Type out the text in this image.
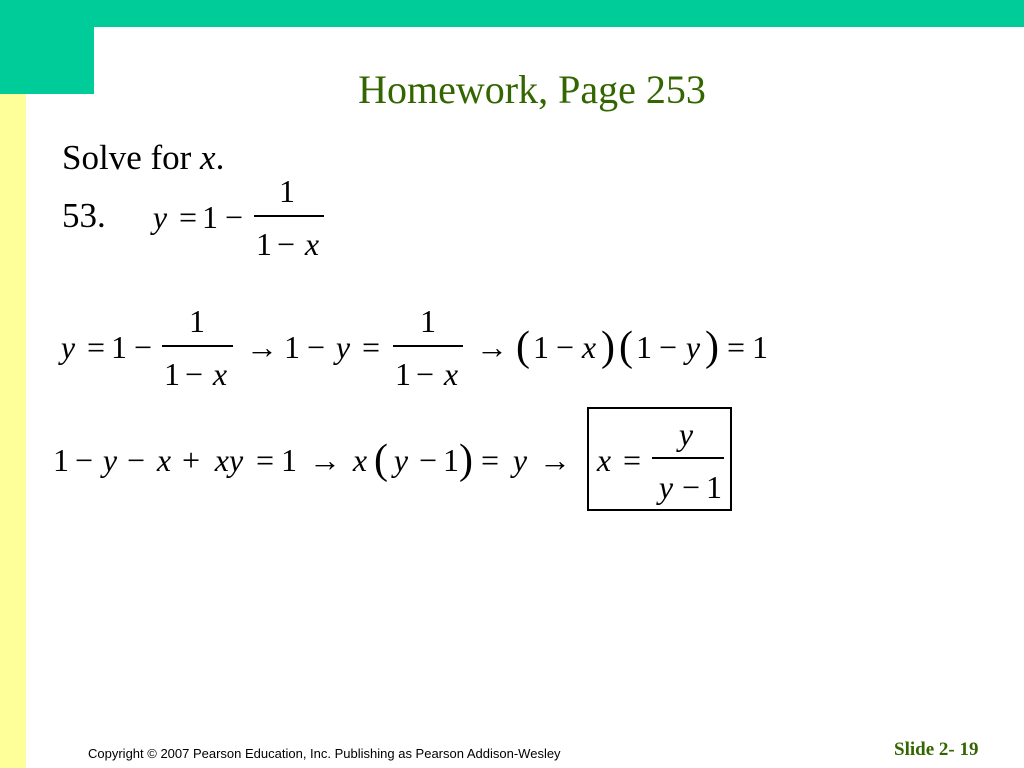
Homework, Page 253
Solve for x.
53. y = 1 −
1
1 − x
y = 1 −
1
1 − x
→ 1 − y =
1
1 − x
→ ( 1 − x ) ( 1 − y ) = 1
1 − y − x + xy = 1 → x ( y − 1 ) = y → x =
y
y − 1
Copyright © 2007 Pearson Education, Inc. Publishing as Pearson Addison-Wesley	Slide 2- 19
